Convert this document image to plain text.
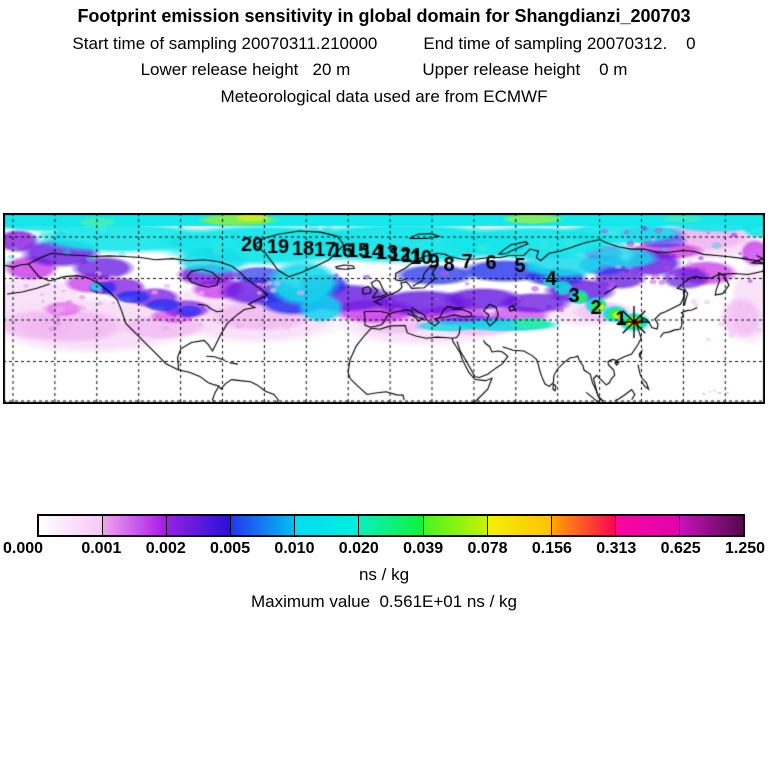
Footprint emission sensitivity in global domain for Shangdianzi_200703
Start time of sampling 20070311.210000	End time of sampling 20070312.    0
Lower release height   20 m	Upper release height    0 m
Meteorological data used are from ECMWF
0.000 0.001 0.002 0.005 0.010 0.020 0.039 0.078 0.156 0.313 0.625 1.250
ns / kg
Maximum value  0.561E+01 ns / kg
